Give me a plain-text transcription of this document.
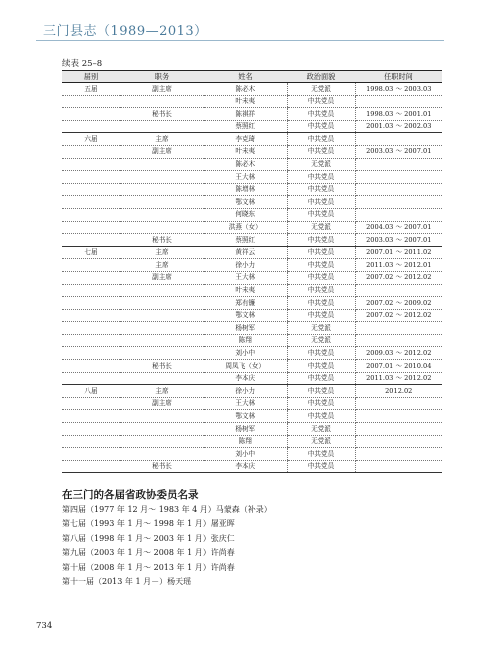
三门县志（1989—2013）
续表 25–8
届别	职务	姓名	政治面貌	任职时间
五届	副主席	陈必木	无党派	1998.03 ～ 2003.03
		叶未夷	中共党员	
	秘书长	陈祺祥	中共党员	1998.03 ～ 2001.01
		蔡照红	中共党员	2001.03 ～ 2002.03
六届	主席	李克琦	中共党员	
	副主席	叶未夷	中共党员	2003.03 ～ 2007.01
		陈必木	无党派	
		王大林	中共党员	
		陈增林	中共党员	
		鄂文林	中共党员	
		何晓东	中共党员	
		洪燕（女）	无党派	2004.03 ～ 2007.01
	秘书长	蔡照红	中共党员	2003.03 ～ 2007.01
七届	主席	黄祥云	中共党员	2007.01 ～ 2011.02
	主席	徐小力	中共党员	2011.03 ～ 2012.01
	副主席	王大林	中共党员	2007.02 ～ 2012.02
		叶未夷	中共党员	
		郑有镰	中共党员	2007.02 ～ 2009.02
		鄂文林	中共党员	2007.02 ～ 2012.02
		杨树军	无党派	
		陈翔	无党派	
		刘小中	中共党员	2009.03 ～ 2012.02
	秘书长	周凤飞（女）	中共党员	2007.01 ～ 2010.04
		李本庆	中共党员	2011.03 ～ 2012.02
八届	主席	徐小力	中共党员	2012.02
	副主席	王大林	中共党员	
		鄂文林	中共党员	
		杨树军	无党派	
		陈翔	无党派	
		刘小中	中共党员	
	秘书长	李本庆	中共党员	
在三门的各届省政协委员名录
第四届（1977 年 12 月～ 1983 年 4 月）马蒙森（补录）
第七届（1993 年 1 月～ 1998 年 1 月）屠亚晖
第八届（1998 年 1 月～ 2003 年 1 月）张庆仁
第九届（2003 年 1 月～ 2008 年 1 月）许尚春
第十届（2008 年 1 月～ 2013 年 1 月）许尚春
第十一届（2013 年 1 月－）杨天瑶
734
